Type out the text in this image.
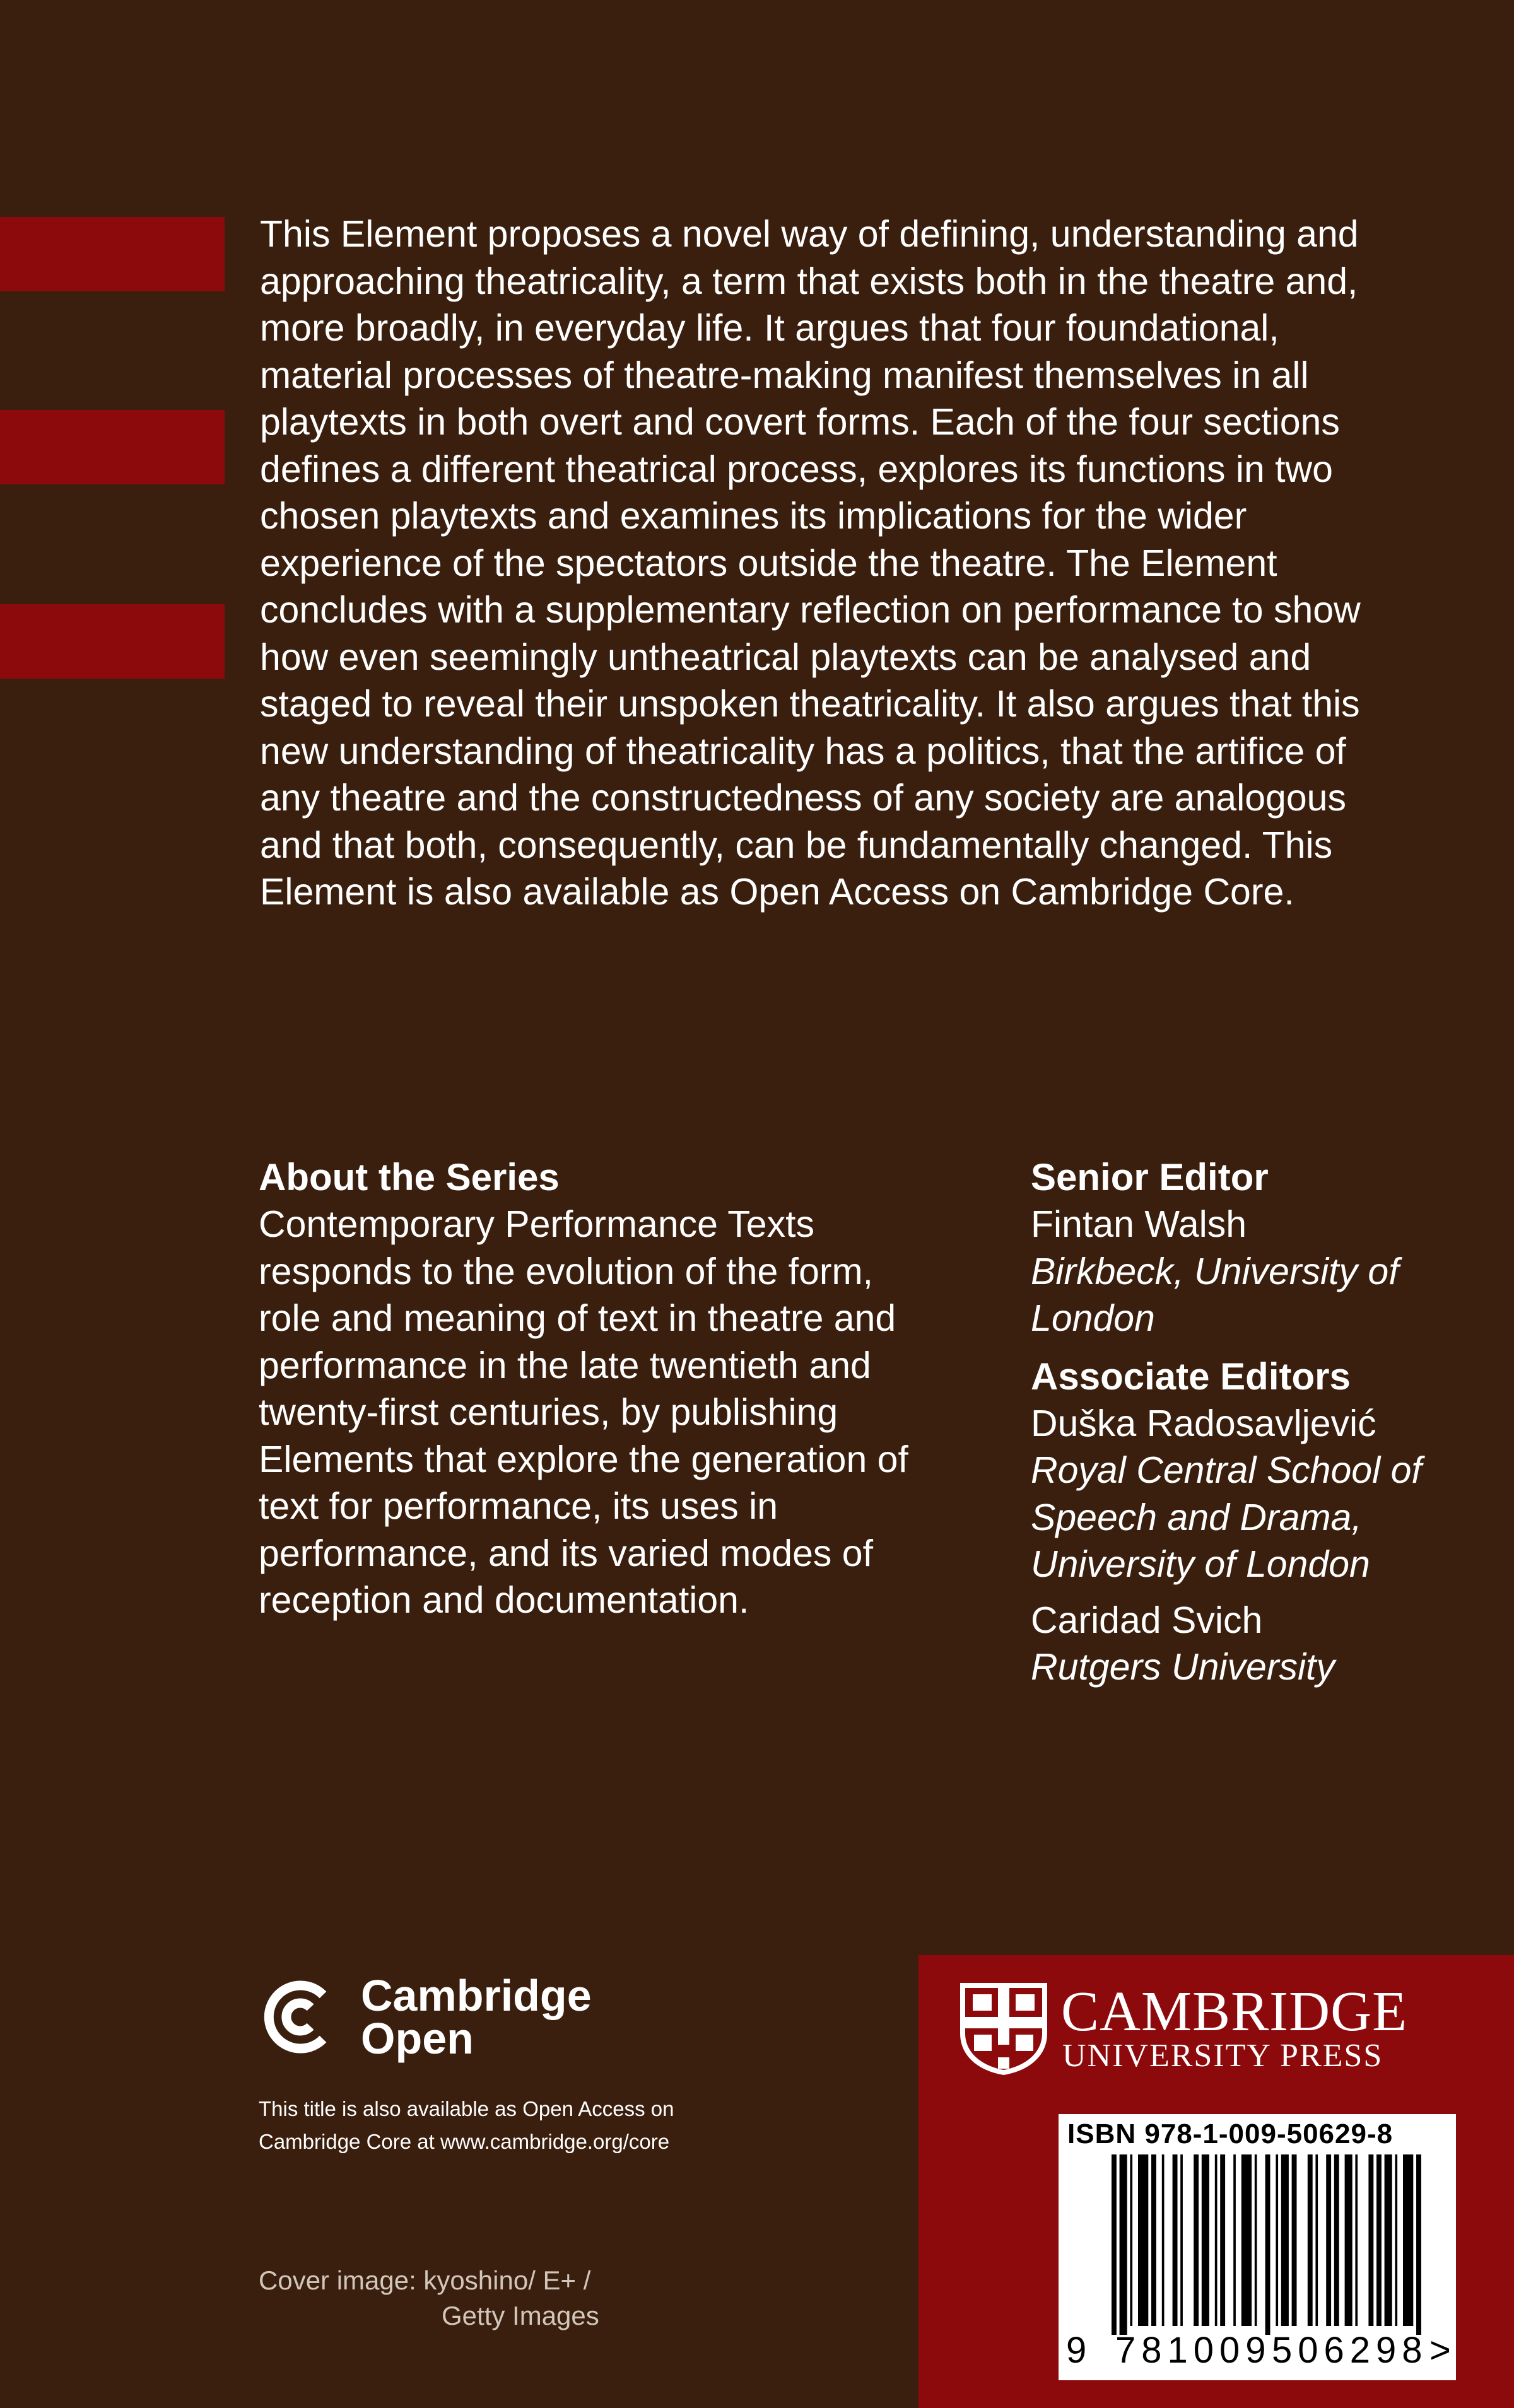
This Element proposes a novel way of defining, understanding and approaching theatricality, a term that exists both in the theatre and, more broadly, in everyday life. It argues that four foundational, material processes of theatre-making manifest themselves in all playtexts in both overt and covert forms. Each of the four sections defines a different theatrical process, explores its functions in two chosen playtexts and examines its implications for the wider experience of the spectators outside the theatre. The Element concludes with a supplementary reflection on performance to show how even seemingly untheatrical playtexts can be analysed and staged to reveal their unspoken theatricality. It also argues that this new understanding of theatricality has a politics, that the artifice of any theatre and the constructedness of any society are analogous and that both, consequently, can be fundamentally changed. This Element is also available as Open Access on Cambridge Core.

About the Series

Contemporary Performance Texts responds to the evolution of the form, role and meaning of text in theatre and performance in the late twentieth and twenty-first centuries, by publishing Elements that explore the generation of text for performance, its uses in performance, and its varied modes of reception and documentation.

Senior Editor

Fintan Walsh

Birkbeck, University of London

Associate Editors

Duška Radosavljević

Royal Central School of Speech and Drama, University of London

Caridad Svich

Rutgers University

Cambridge
Open
This title is also available as Open Access on
Cambridge Core at www.cambridge.org/core
Cover image: kyoshino/ E+ /
Getty Images
CAMBRIDGE
UNIVERSITY PRESS
ISBN 978-1-009-50629-8
9 781009 506298 >
